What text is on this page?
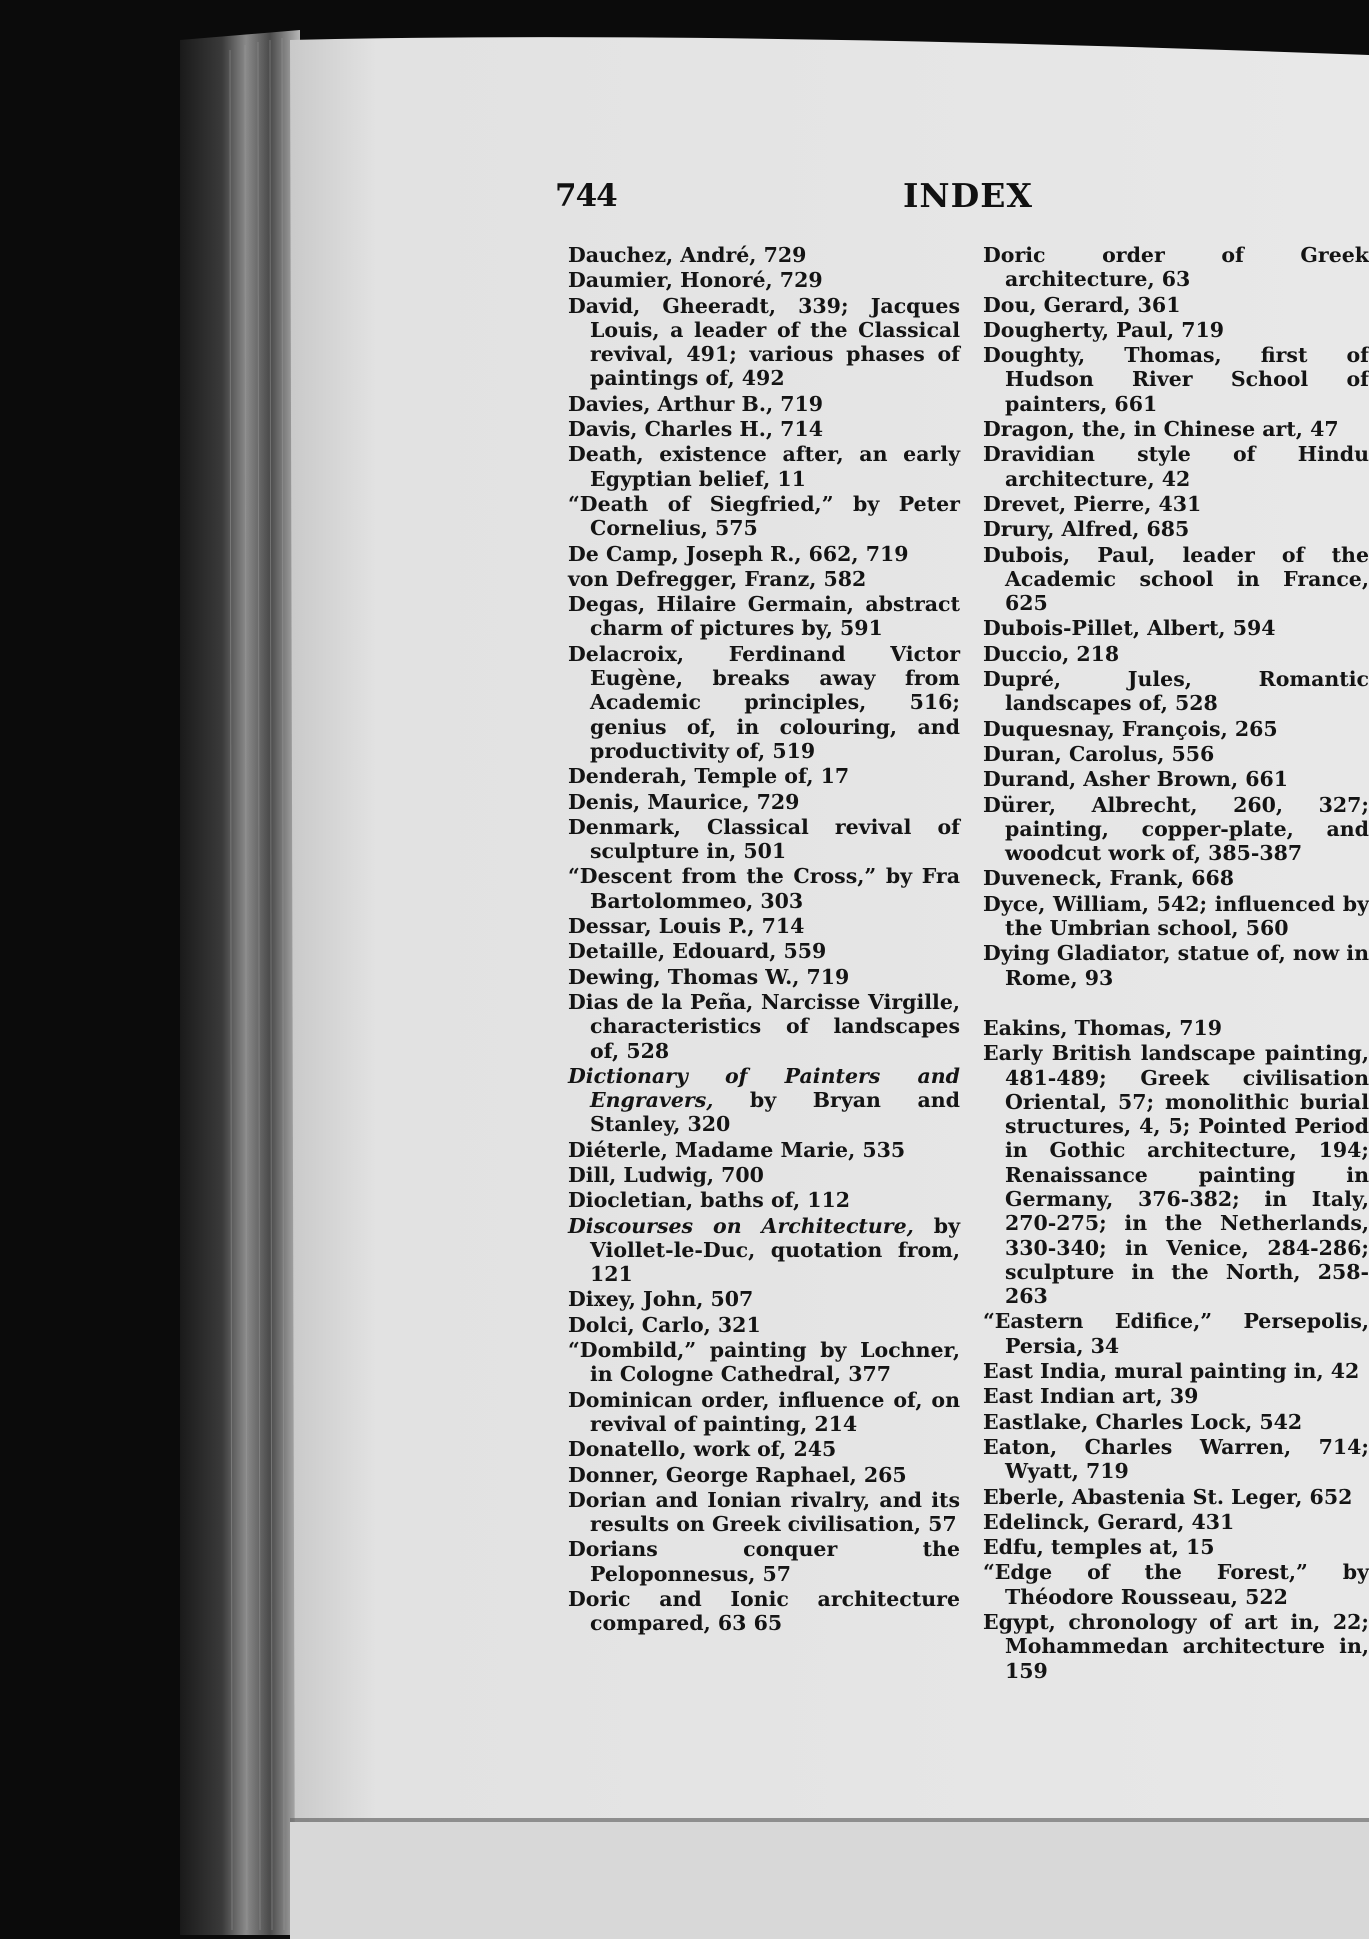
744	INDEX
Dauchez, André, 729
Daumier, Honoré, 729
David, Gheeradt, 339; Jacques Louis, a leader of the Classical revival, 491; various phases of paintings of, 492
Davies, Arthur B., 719
Davis, Charles H., 714
Death, existence after, an early Egyptian belief, 11
“Death of Siegfried,” by Peter Cornelius, 575
De Camp, Joseph R., 662, 719
von Defregger, Franz, 582
Degas, Hilaire Germain, abstract charm of pictures by, 591
Delacroix, Ferdinand Victor Eugène, breaks away from Academic principles, 516; genius of, in colouring, and productivity of, 519
Denderah, Temple of, 17
Denis, Maurice, 729
Denmark, Classical revival of sculpture in, 501
“Descent from the Cross,” by Fra Bartolommeo, 303
Dessar, Louis P., 714
Detaille, Edouard, 559
Dewing, Thomas W., 719
Dias de la Peña, Narcisse Virgille, characteristics of landscapes of, 528
Dictionary of Painters and Engravers, by Bryan and Stanley, 320
Diéterle, Madame Marie, 535
Dill, Ludwig, 700
Diocletian, baths of, 112
Discourses on Architecture, by Viollet-le-Duc, quotation from, 121
Dixey, John, 507
Dolci, Carlo, 321
“Dombild,” painting by Lochner, in Cologne Cathedral, 377
Dominican order, influence of, on revival of painting, 214
Donatello, work of, 245
Donner, George Raphael, 265
Dorian and Ionian rivalry, and its results on Greek civilisation, 57
Dorians conquer the Peloponnesus, 57
Doric and Ionic architecture compared, 63 65
Doric order of Greek architecture, 63
Dou, Gerard, 361
Dougherty, Paul, 719
Doughty, Thomas, first of Hudson River School of painters, 661
Dragon, the, in Chinese art, 47
Dravidian style of Hindu architecture, 42
Drevet, Pierre, 431
Drury, Alfred, 685
Dubois, Paul, leader of the Academic school in France, 625
Dubois-Pillet, Albert, 594
Duccio, 218
Dupré, Jules, Romantic landscapes of, 528
Duquesnay, François, 265
Duran, Carolus, 556
Durand, Asher Brown, 661
Dürer, Albrecht, 260, 327; painting, copper-plate, and woodcut work of, 385-387
Duveneck, Frank, 668
Dyce, William, 542; influenced by the Umbrian school, 560
Dying Gladiator, statue of, now in Rome, 93
Eakins, Thomas, 719
Early British landscape painting, 481-489; Greek civilisation Oriental, 57; monolithic burial structures, 4, 5; Pointed Period in Gothic architecture, 194; Renaissance painting in Germany, 376-382; in Italy, 270-275; in the Netherlands, 330-340; in Venice, 284-286; sculpture in the North, 258-263
“Eastern Edifice,” Persepolis, Persia, 34
East India, mural painting in, 42
East Indian art, 39
Eastlake, Charles Lock, 542
Eaton, Charles Warren, 714; Wyatt, 719
Eberle, Abastenia St. Leger, 652
Edelinck, Gerard, 431
Edfu, temples at, 15
“Edge of the Forest,” by Théodore Rousseau, 522
Egypt, chronology of art in, 22; Mohammedan architecture in, 159
